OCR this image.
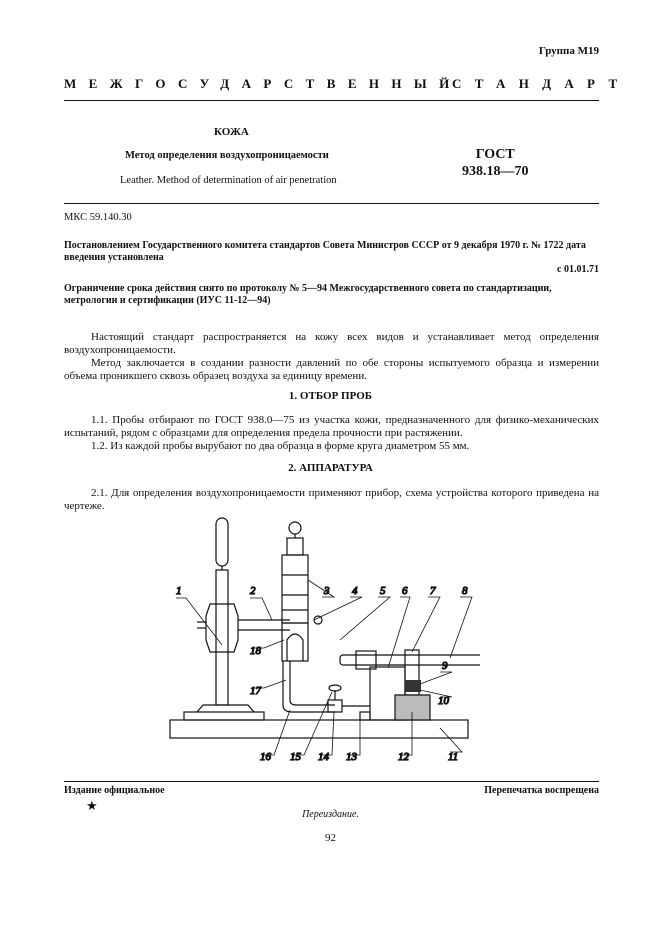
Группа М19
МЕЖГОСУДАРСТВЕННЫЙ
СТАНДАРТ
КОЖА
Метод определения воздухопроницаемости
Leather. Method of determination of air penetration
ГОСТ
938.18—70
МКС 59.140.30
Постановлением Государственного комитета стандартов Совета Министров СССР от 9 декабря 1970 г. № 1722 дата введения установлена
с 01.01.71
Ограничение срока действия снято по протоколу № 5—94 Межгосударственного совета по стандартизации, метрологии и сертификации (ИУС 11-12—94)
Настоящий стандарт распространяется на кожу всех видов и устанавливает метод определения воздухопроницаемости.
Метод заключается в создании разности давлений по обе стороны испытуемого образца и измерении объема проникшего сквозь образец воздуха за единицу времени.
1. ОТБОР ПРОБ
1.1. Пробы отбирают по ГОСТ 938.0—75 из участка кожи, предназначенного для физико-механических испытаний, рядом с образцами для определения предела прочности при растяжении.
1.2. Из каждой пробы вырубают по два образца в форме круга диаметром 55 мм.
2. АППАРАТУРА
2.1. Для определения воздухопроницаемости применяют прибор, схема устройства которого приведена на чертеже.
1	2	3 4 5 6 7 8
9
10
11
12
13
14
15
16
17
18
Издание официальное	Перепечатка воспрещена
★
Переиздание.
92
